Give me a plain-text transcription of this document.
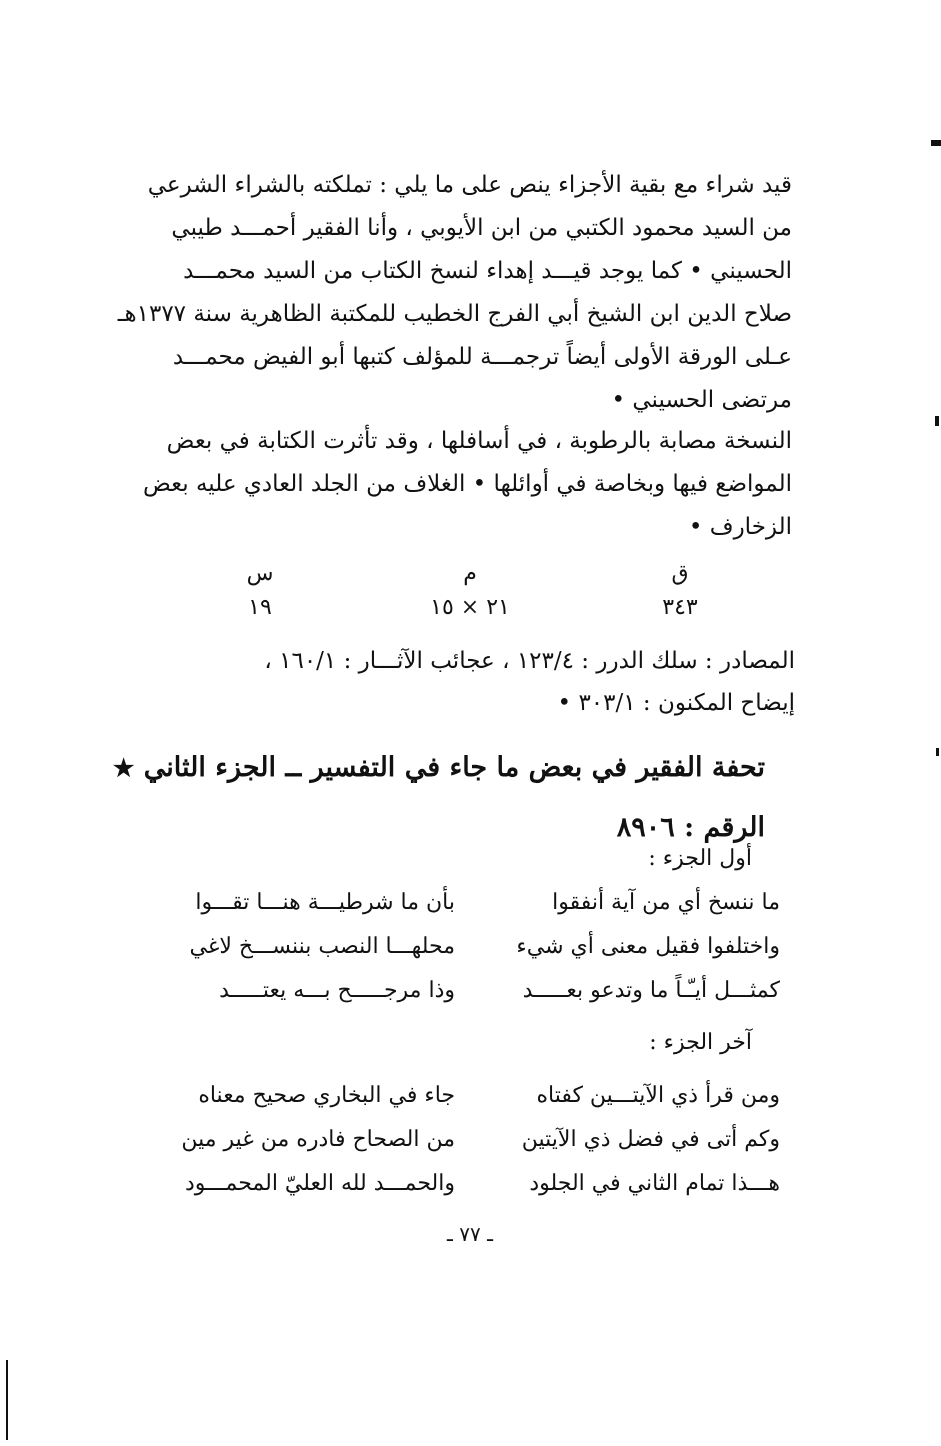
قيد شراء مع بقية الأجزاء ينص على ما يلي : تملكته بالشراء الشرعي
من السيد محمود الكتبي من ابن الأيوبي ، وأنا الفقير أحمـــد طيبي
الحسيني • كما يوجد قيـــد إهداء لنسخ الكتاب من السيد محمـــد
صلاح الدين ابن الشيخ أبي الفرج الخطيب للمكتبة الظاهرية سنة ١٣٧٧هـ
عـلى الورقة الأولى أيضاً ترجمـــة للمؤلف كتبها أبو الفيض محمـــد
مرتضى الحسيني •
النسخة مصابة بالرطوبة ، في أسافلها ، وقد تأثرت الكتابة في بعض
المواضع فيها وبخاصة في أوائلها • الغلاف من الجلد العادي عليه بعض
الزخارف •
ق
م
س
٣٤٣
٢١ × ١٥
١٩
المصادر : سلك الدرر : ١٢٣/٤ ، عجائب الآثـــار : ١٦٠/١ ،
إيضاح المكنون : ٣٠٣/١ •
تحفة الفقير في بعض ما جاء في التفسير ــ الجزء الثاني ★
الرقم : ٨٩٠٦
أول الجزء :
ما ننسخ أي من آية أنفقوا
بأن ما شرطيـــة هنـــا تقـــوا
واختلفوا فقيل معنى أي شيء
محلهـــا النصب بننســـخ لاغي
كمثـــل أيـّـاً ما وتدعو بعـــــد
وذا مرجـــــح بـــه يعتـــــد
آخر الجزء :
ومن قرأ ذي الآيتـــين كفتاه
جاء في البخاري صحيح معناه
وكم أتى في فضل ذي الآيتين
من الصحاح فادره من غير مين
هـــذا تمام الثاني في الجلود
والحمـــد لله العليّ المحمـــود
ـ ٧٧ ـ
